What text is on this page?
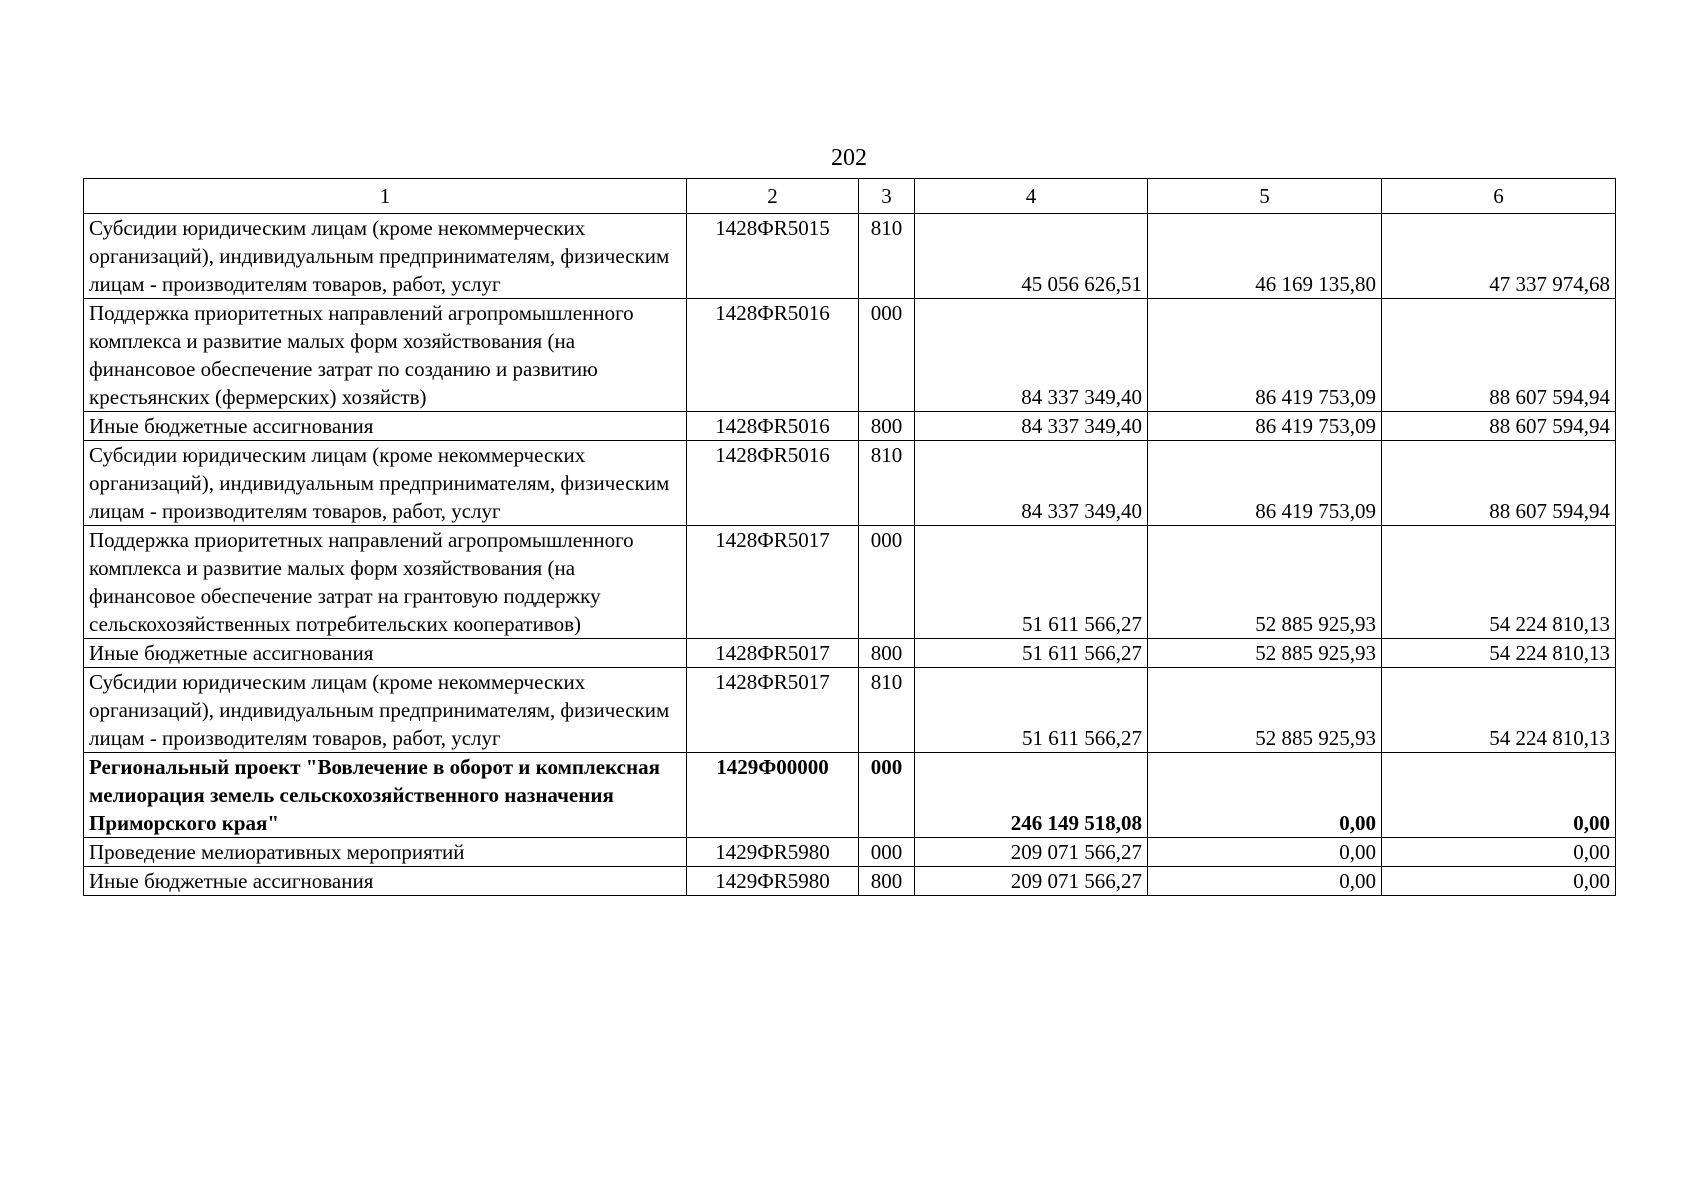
202
1	2	3	4	5	6
Субсидии юридическим лицам (кроме некоммерческих организаций), индивидуальным предпринимателям, физическим лицам - производителям товаров, работ, услуг	1428ФR5015	810	45 056 626,51	46 169 135,80	47 337 974,68
Поддержка приоритетных направлений агропромышленного комплекса и развитие малых форм хозяйствования (на финансовое обеспечение затрат по созданию и развитию крестьянских (фермерских) хозяйств)	1428ФR5016	000	84 337 349,40	86 419 753,09	88 607 594,94
Иные бюджетные ассигнования	1428ФR5016	800	84 337 349,40	86 419 753,09	88 607 594,94
Субсидии юридическим лицам (кроме некоммерческих организаций), индивидуальным предпринимателям, физическим лицам - производителям товаров, работ, услуг	1428ФR5016	810	84 337 349,40	86 419 753,09	88 607 594,94
Поддержка приоритетных направлений агропромышленного комплекса и развитие малых форм хозяйствования (на финансовое обеспечение затрат на грантовую поддержку сельскохозяйственных потребительских кооперативов)	1428ФR5017	000	51 611 566,27	52 885 925,93	54 224 810,13
Иные бюджетные ассигнования	1428ФR5017	800	51 611 566,27	52 885 925,93	54 224 810,13
Субсидии юридическим лицам (кроме некоммерческих организаций), индивидуальным предпринимателям, физическим лицам - производителям товаров, работ, услуг	1428ФR5017	810	51 611 566,27	52 885 925,93	54 224 810,13
Региональный проект "Вовлечение в оборот и комплексная мелиорация земель сельскохозяйственного назначения Приморского края"	1429Ф00000	000	246 149 518,08	0,00	0,00
Проведение мелиоративных мероприятий	1429ФR5980	000	209 071 566,27	0,00	0,00
Иные бюджетные ассигнования	1429ФR5980	800	209 071 566,27	0,00	0,00
